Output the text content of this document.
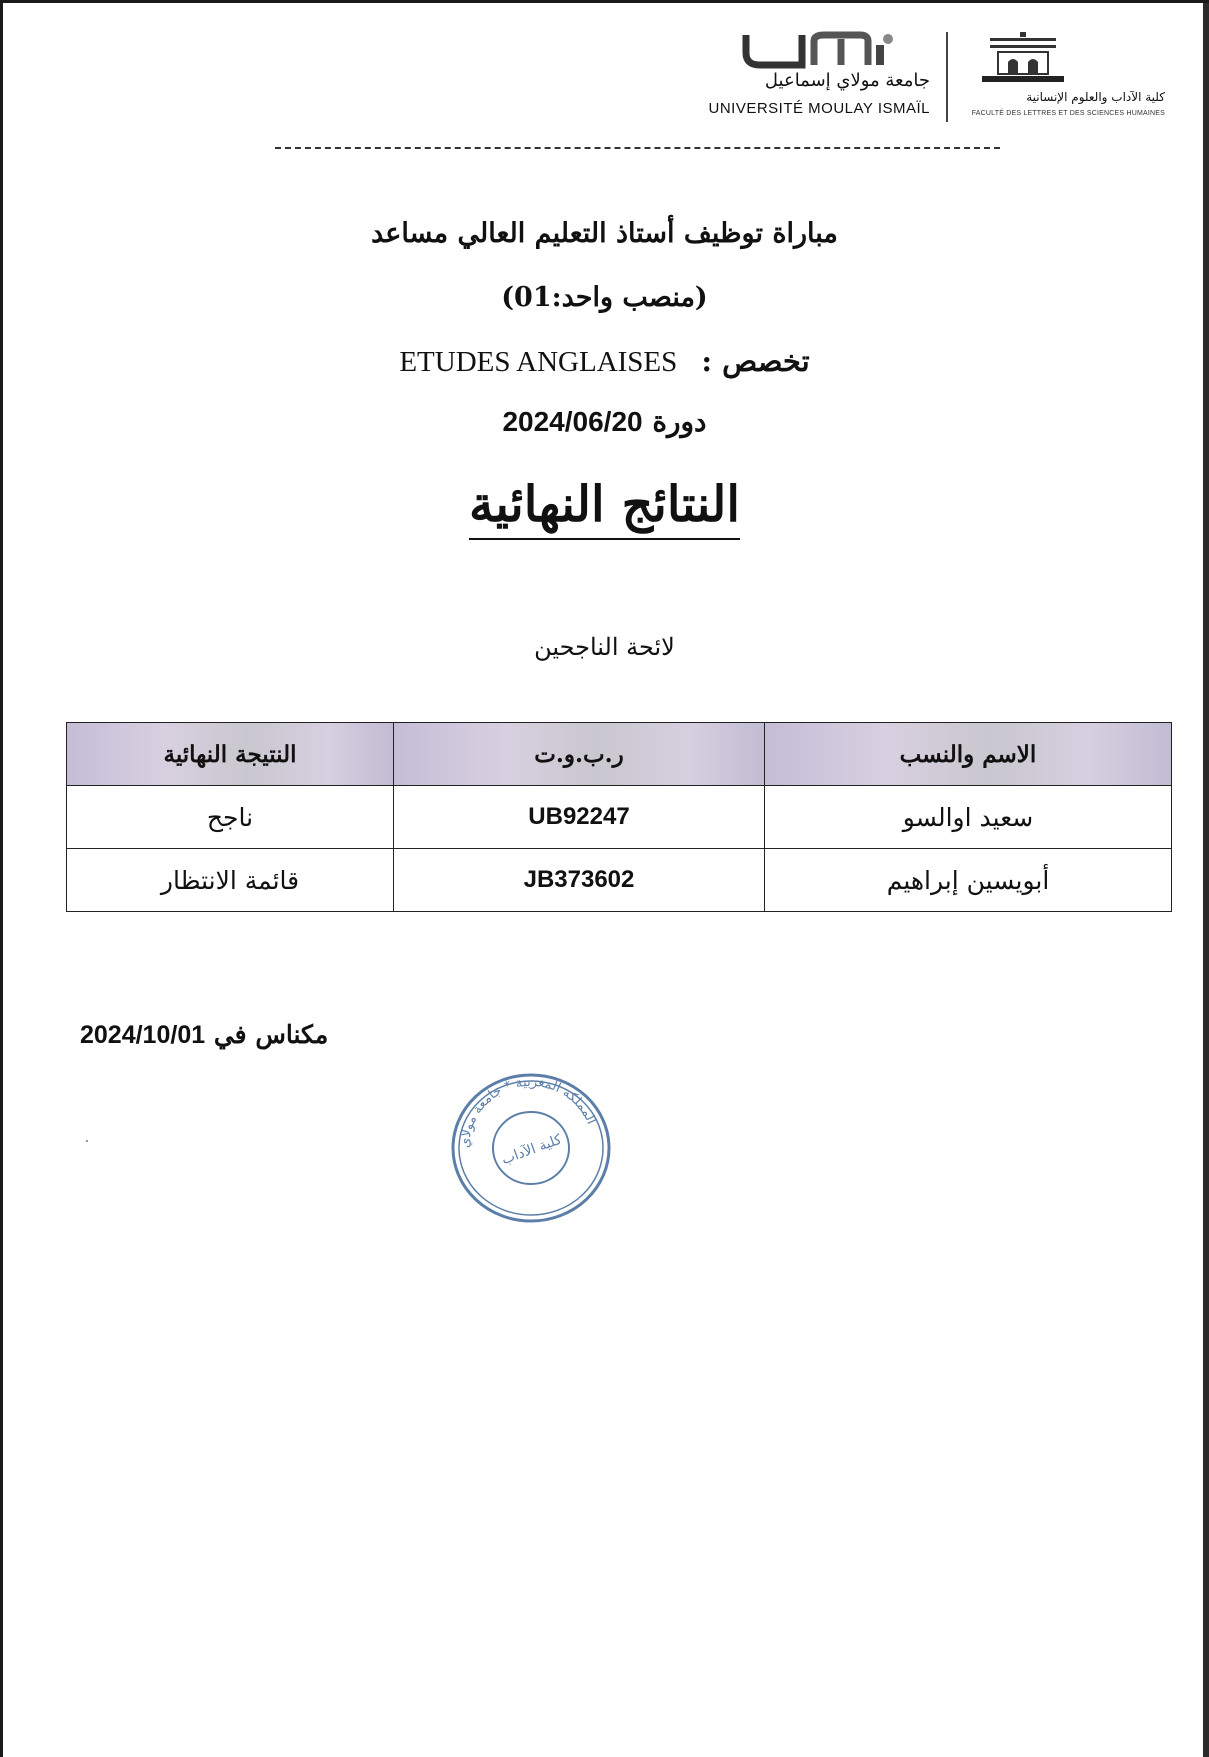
جامعة مولاي إسماعيل
UNIVERSITÉ MOULAY ISMAÏL
كلية الآداب والعلوم الإنسانية
FACULTÉ DES LETTRES ET DES SCIENCES HUMAINES
مباراة توظيف أستاذ التعليم العالي مساعد
(منصب واحد:01)
تخصص : ETUDES ANGLAISES
دورة 2024/06/20
النتائج النهائية
لائحة الناجحين
الاسم والنسب	ر.ب.و.ت	النتيجة النهائية
سعيد اوالسو	UB92247	ناجح
أبويسين إبراهيم	JB373602	قائمة الانتظار
مكناس في 2024/10/01
المملكة المغربية * جامعة مولاي
كلية الآداب
